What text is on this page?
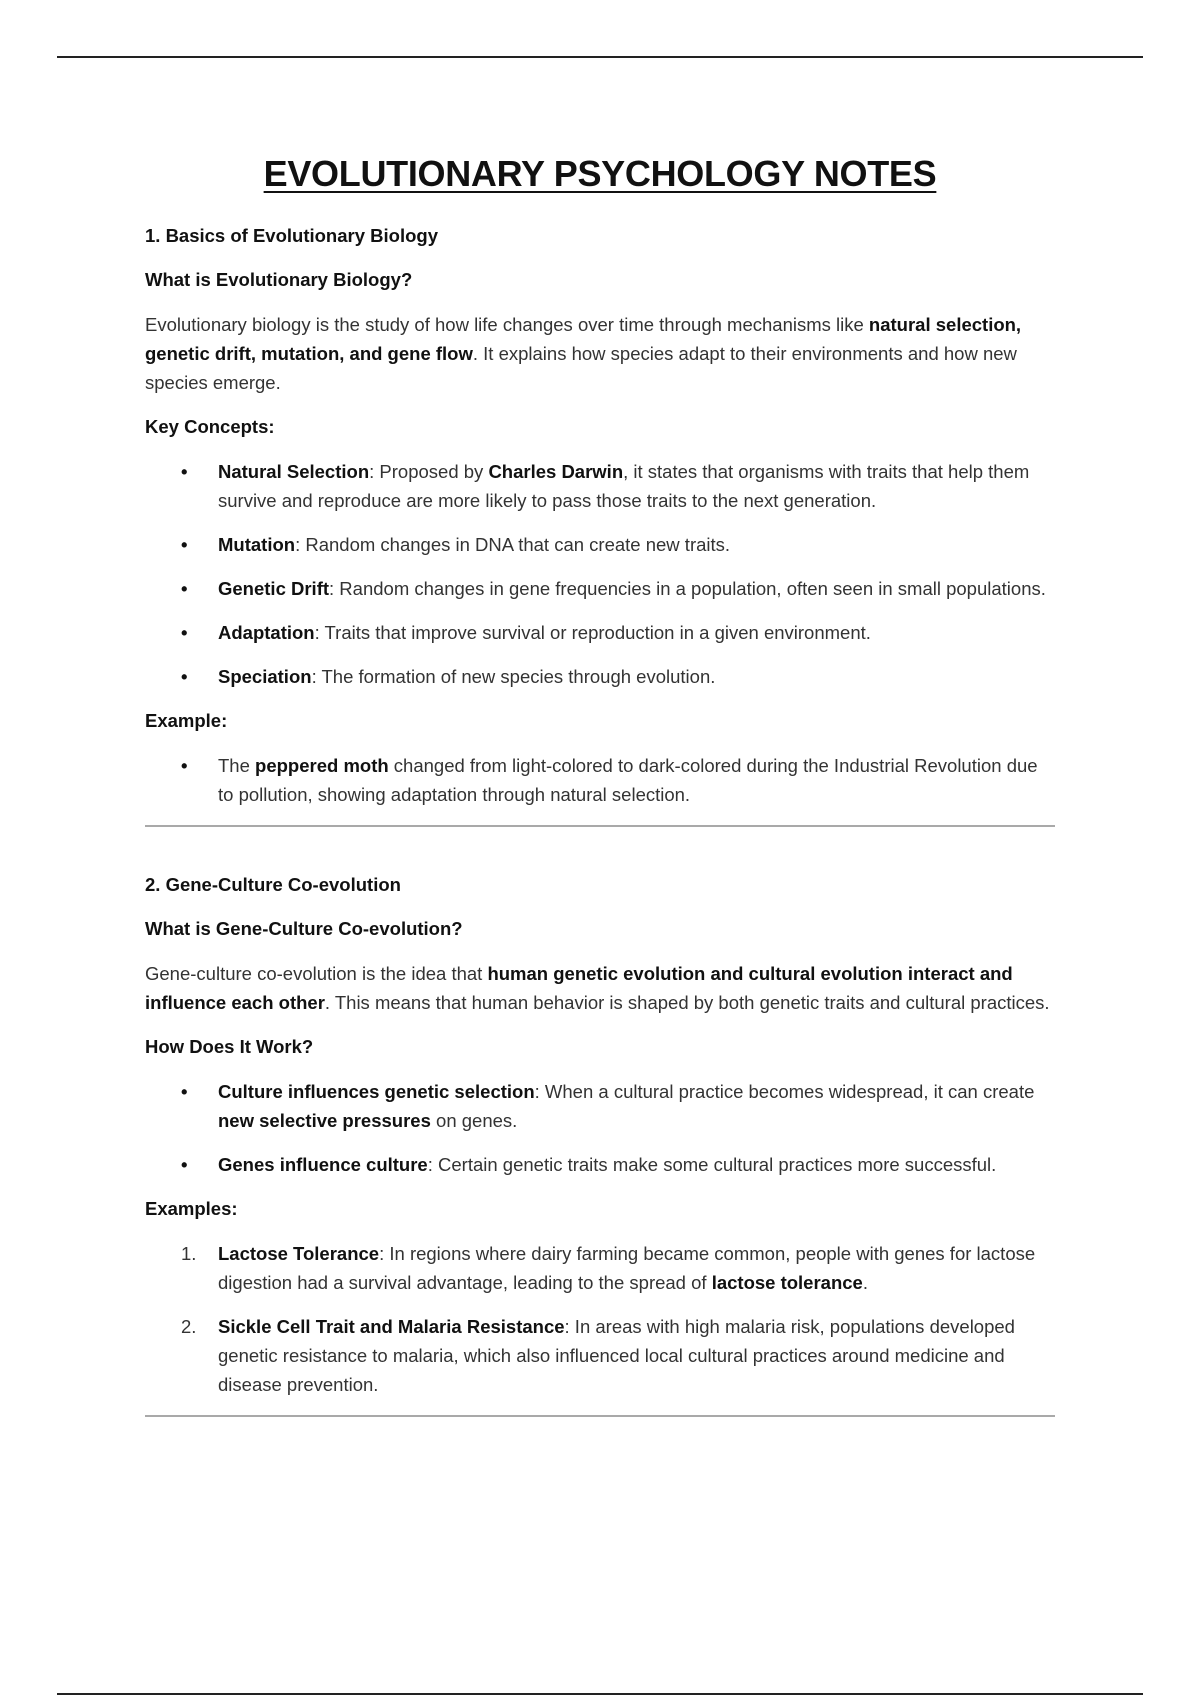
EVOLUTIONARY PSYCHOLOGY NOTES
1. Basics of Evolutionary Biology
What is Evolutionary Biology?

Evolutionary biology is the study of how life changes over time through mechanisms like natural selection, genetic drift, mutation, and gene flow. It explains how species adapt to their environments and how new species emerge.

Key Concepts:
• Natural Selection: Proposed by Charles Darwin, it states that organisms with traits that help them survive and reproduce are more likely to pass those traits to the next generation.
• Mutation: Random changes in DNA that can create new traits.
• Genetic Drift: Random changes in gene frequencies in a population, often seen in small populations.
• Adaptation: Traits that improve survival or reproduction in a given environment.
• Speciation: The formation of new species through evolution.
Example:
• The peppered moth changed from light-colored to dark-colored during the Industrial Revolution due to pollution, showing adaptation through natural selection.
2. Gene-Culture Co-evolution
What is Gene-Culture Co-evolution?

Gene-culture co-evolution is the idea that human genetic evolution and cultural evolution interact and influence each other. This means that human behavior is shaped by both genetic traits and cultural practices.

How Does It Work?
• Culture influences genetic selection: When a cultural practice becomes widespread, it can create new selective pressures on genes.
• Genes influence culture: Certain genetic traits make some cultural practices more successful.
Examples:
1. Lactose Tolerance: In regions where dairy farming became common, people with genes for lactose digestion had a survival advantage, leading to the spread of lactose tolerance.
2. Sickle Cell Trait and Malaria Resistance: In areas with high malaria risk, populations developed genetic resistance to malaria, which also influenced local cultural practices around medicine and disease prevention.
